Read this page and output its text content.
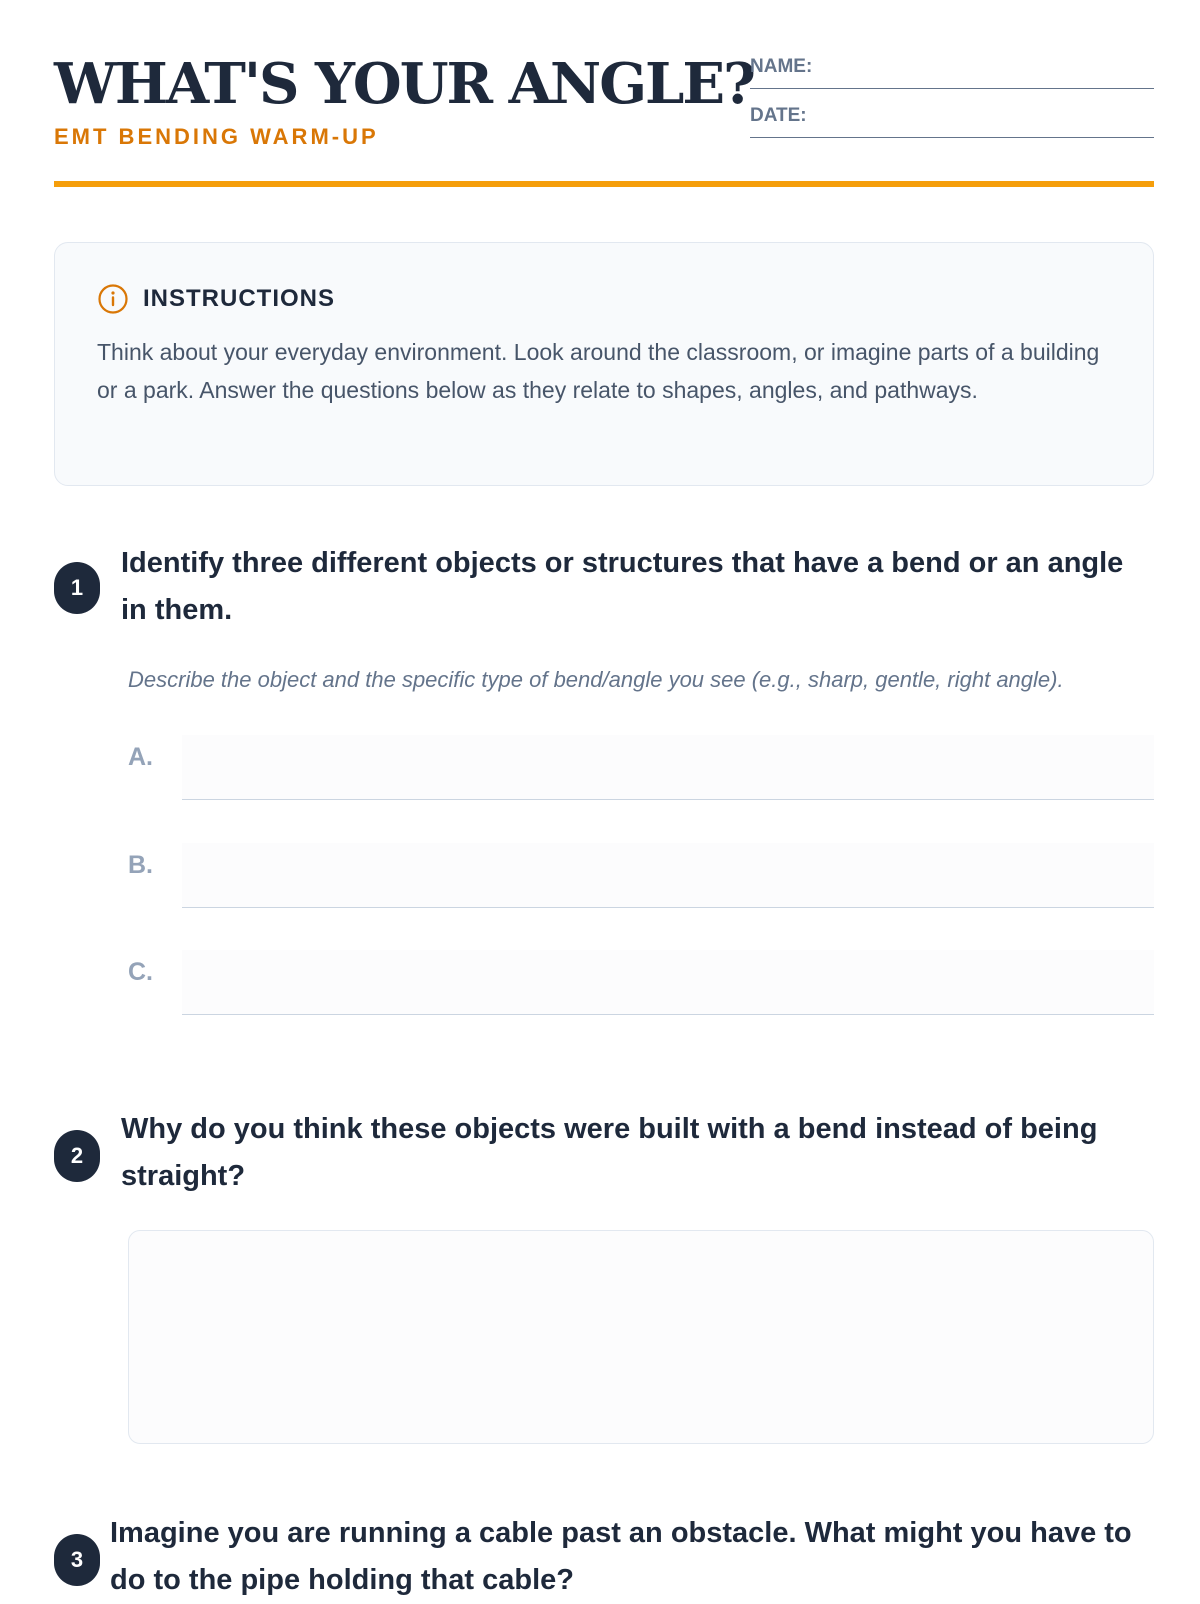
WHAT'S YOUR ANGLE?
EMT BENDING WARM-UP
NAME:
DATE:
INSTRUCTIONS
Think about your everyday environment. Look around the classroom, or imagine parts of a building or a park. Answer the questions below as they relate to shapes, angles, and pathways.
1
Identify three different objects or structures that have a bend or an angle in them.
Describe the object and the specific type of bend/angle you see (e.g., sharp, gentle, right angle).
A.
B.
C.
2
Why do you think these objects were built with a bend instead of being straight?
3
Imagine you are running a cable past an obstacle. What might you have to do to the pipe holding that cable?
